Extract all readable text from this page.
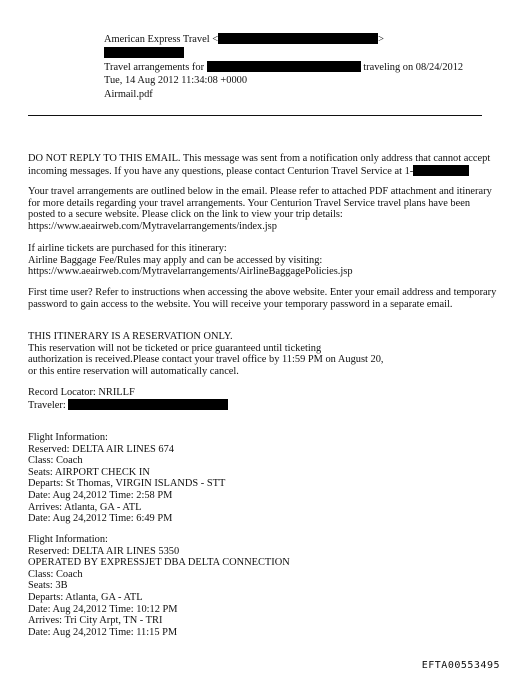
American Express Travel <	>
Travel arrangements for	traveling on 08/24/2012
Tue, 14 Aug 2012 11:34:08 +0000
Airmail.pdf
DO NOT REPLY TO THIS EMAIL. This message was sent from a notification only address that cannot accept
incoming messages. If you have any questions, please contact Centurion Travel Service at 1-
Your travel arrangements are outlined below in the email. Please refer to attached PDF attachment and itinerary
for more details regarding your travel arrangements. Your Centurion Travel Service travel plans have been
posted to a secure website. Please click on the link to view your trip details:
https://www.aeairweb.com/Mytravelarrangements/index.jsp
If airline tickets are purchased for this itinerary:
Airline Baggage Fee/Rules may apply and can be accessed by visiting:
https://www.aeairweb.com/Mytravelarrangements/AirlineBaggagePolicies.jsp
First time user? Refer to instructions when accessing the above website. Enter your email address and temporary
password to gain access to the website. You will receive your temporary password in a separate email.
THIS ITINERARY IS A RESERVATION ONLY.
This reservation will not be ticketed or price guaranteed until ticketing
authorization is received.Please contact your travel office by 11:59 PM on August 20,
or this entire reservation will automatically cancel.
Record Locator: NRILLF
Traveler:
Flight Information:
Reserved: DELTA AIR LINES 674
Class: Coach
Seats: AIRPORT CHECK IN
Departs: St Thomas, VIRGIN ISLANDS - STT
Date: Aug 24,2012 Time: 2:58 PM
Arrives: Atlanta, GA - ATL
Date: Aug 24,2012 Time: 6:49 PM
Flight Information:
Reserved: DELTA AIR LINES 5350
OPERATED BY EXPRESSJET DBA DELTA CONNECTION
Class: Coach
Seats: 3B
Departs: Atlanta, GA - ATL
Date: Aug 24,2012 Time: 10:12 PM
Arrives: Tri City Arpt, TN - TRI
Date: Aug 24,2012 Time: 11:15 PM
EFTA00553495
